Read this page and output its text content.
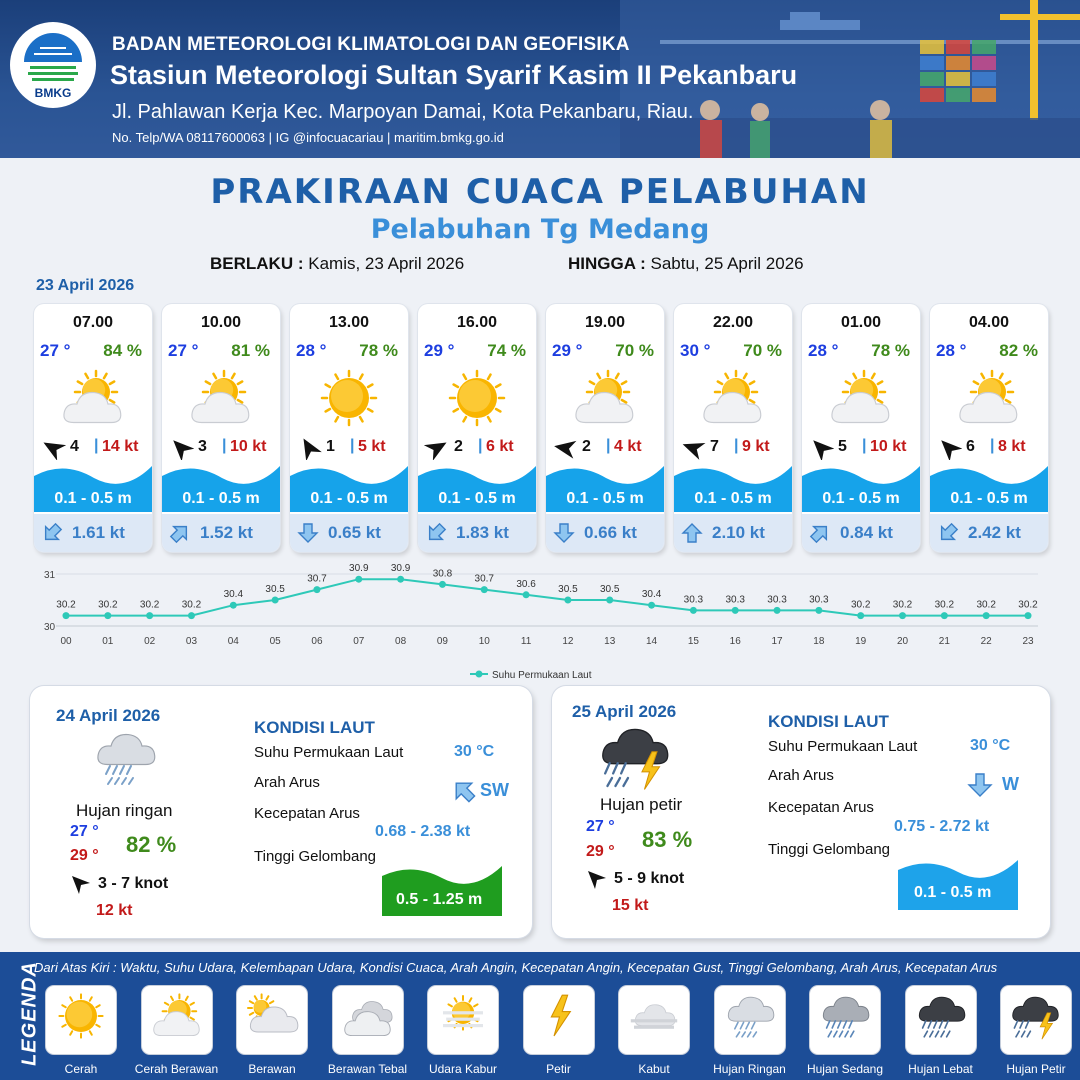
BMKG
BADAN METEOROLOGI KLIMATOLOGI DAN GEOFISIKA
Stasiun Meteorologi Sultan Syarif Kasim II Pekanbaru
Jl. Pahlawan Kerja Kec. Marpoyan Damai, Kota Pekanbaru, Riau.
No. Telp/WA 08117600063 | IG @infocuacariau | maritim.bmkg.go.id
PRAKIRAAN CUACA PELABUHAN
Pelabuhan Tg Medang
BERLAKU : Kamis, 23 April 2026	HINGGA : Sabtu, 25 April 2026
23 April 2026
07.00
27 ° 84 %
4 | 14 kt
0.1 - 0.5 m
1.61 kt
10.00
27 ° 81 %
3 | 10 kt
0.1 - 0.5 m
1.52 kt
13.00
28 ° 78 %
1 | 5 kt
0.1 - 0.5 m
0.65 kt
16.00
29 ° 74 %
2 | 6 kt
0.1 - 0.5 m
1.83 kt
19.00
29 ° 70 %
2 | 4 kt
0.1 - 0.5 m
0.66 kt
22.00
30 ° 70 %
7 | 9 kt
0.1 - 0.5 m
2.10 kt
01.00
28 ° 78 %
5 | 10 kt
0.1 - 0.5 m
0.84 kt
04.00
28 ° 82 %
6 | 8 kt
0.1 - 0.5 m
2.42 kt
30
31
30.2 30.2 30.2 30.2
30.4 30.5
30.7
30.9 30.9 30.8 30.7 30.6 30.5 30.5 30.4 30.3 30.3 30.3 30.3 30.2 30.2 30.2 30.2 30.2
00	01	02	03	04	05	06	07	08	09	10	11	12	13	14	15	16	17	18	19	20	21	22	23
Suhu Permukaan Laut
24 April 2026
Hujan ringan
27 °
29 ° 82 %
3 - 7 knot
12 kt
KONDISI LAUT
Suhu Permukaan Laut	30 °C
Arah Arus	SW
Kecepatan Arus
0.68 - 2.38 kt
Tinggi Gelombang
0.5 - 1.25 m
25 April 2026
Hujan petir
27 °
29 ° 83 %
5 - 9 knot
15 kt
KONDISI LAUT
Suhu Permukaan Laut	30 °C
Arah Arus	W
Kecepatan Arus
0.75 - 2.72 kt
Tinggi Gelombang
0.1 - 0.5 m
LEGENDA
Dari Atas Kiri : Waktu, Suhu Udara, Kelembapan Udara, Kondisi Cuaca, Arah Angin, Kecepatan Angin, Kecepatan Gust, Tinggi Gelombang, Arah Arus, Kecepatan Arus
Cerah	Cerah Berawan	Berawan	Berawan Tebal	Udara Kabur	Petir	Kabut	Hujan Ringan	Hujan Sedang	Hujan Lebat	Hujan Petir
